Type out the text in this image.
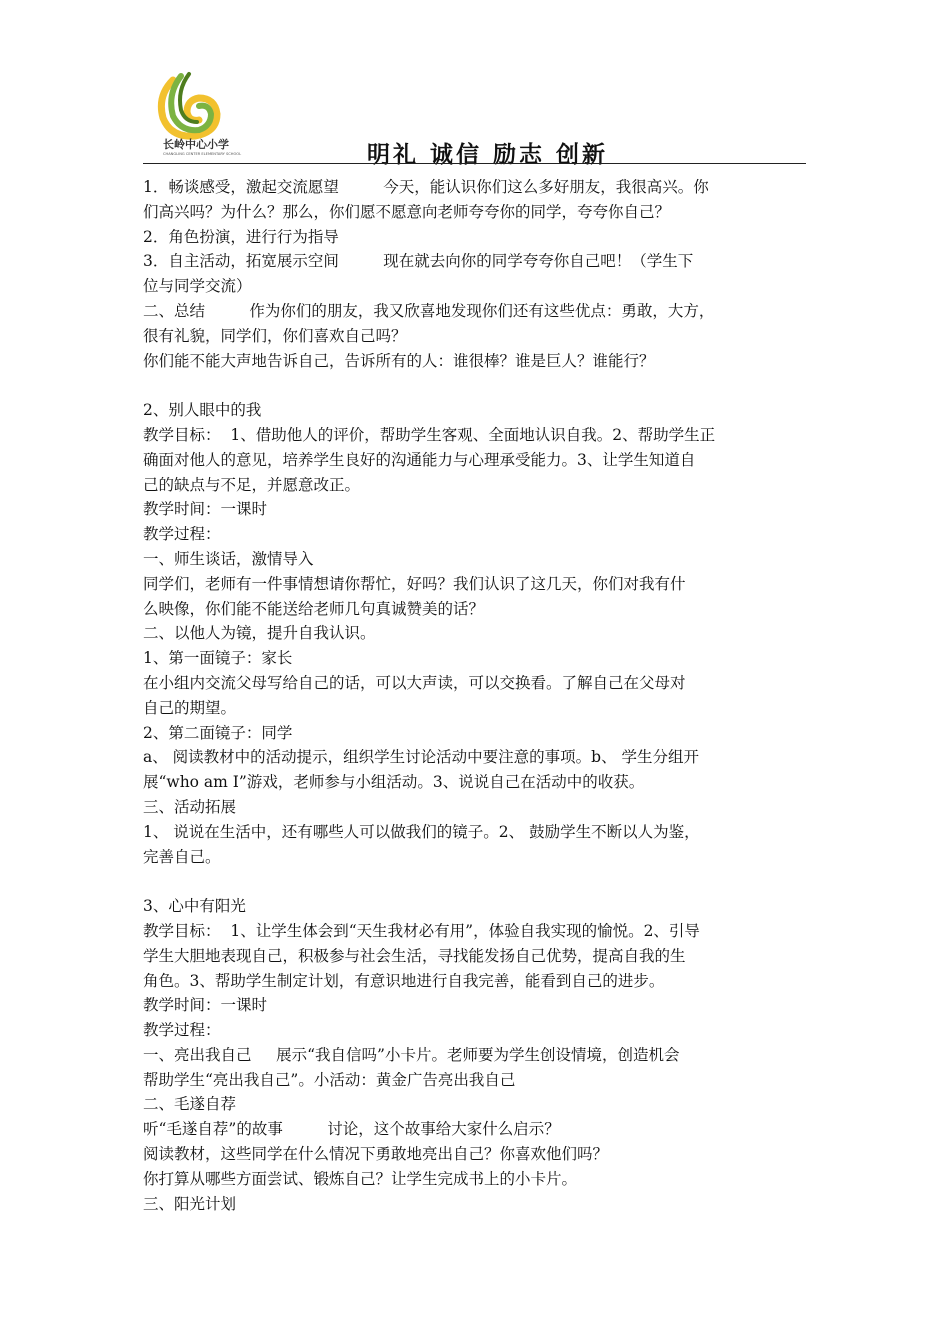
长岭中心小学
CHANGLING CENTER ELEMENTARY SCHOOL	明礼 诚信 励志 创新
1．畅谈感受，激起交流愿望         今天，能认识你们这么多好朋友，我很高兴。你
们高兴吗？为什么？那么，你们愿不愿意向老师夸夸你的同学，夸夸你自己？
2．角色扮演，进行行为指导
3．自主活动，拓宽展示空间         现在就去向你的同学夸夸你自己吧！（学生下
位与同学交流）
二、总结         作为你们的朋友，我又欣喜地发现你们还有这些优点：勇敢，大方，
很有礼貌，同学们，你们喜欢自己吗？
你们能不能大声地告诉自己，告诉所有的人：谁很棒？谁是巨人？谁能行？
2、别人眼中的我
教学目标：  1、借助他人的评价，帮助学生客观、全面地认识自我。2、帮助学生正
确面对他人的意见，培养学生良好的沟通能力与心理承受能力。3、让学生知道自
己的缺点与不足，并愿意改正。
教学时间：一课时
教学过程：
一、师生谈话，激情导入
同学们，老师有一件事情想请你帮忙，好吗？我们认识了这几天，你们对我有什
么映像，你们能不能送给老师几句真诚赞美的话？
二、以他人为镜，提升自我认识。
1、第一面镜子：家长
在小组内交流父母写给自己的话，可以大声读，可以交换看。了解自己在父母对
自己的期望。
2、第二面镜子：同学
a、 阅读教材中的活动提示，组织学生讨论活动中要注意的事项。b、 学生分组开
展“who am I”游戏，老师参与小组活动。3、说说自己在活动中的收获。
三、活动拓展
1、 说说在生活中，还有哪些人可以做我们的镜子。2、 鼓励学生不断以人为鉴，
完善自己。
3、心中有阳光
教学目标：  1、让学生体会到“天生我材必有用”，体验自我实现的愉悦。2、引导
学生大胆地表现自己，积极参与社会生活，寻找能发扬自己优势，提高自我的生
角色。3、帮助学生制定计划，有意识地进行自我完善，能看到自己的进步。
教学时间：一课时
教学过程：
一、亮出我自己     展示“我自信吗”小卡片。老师要为学生创设情境，创造机会
帮助学生“亮出我自己”。小活动：黄金广告亮出我自己
二、毛遂自荐
听“毛遂自荐”的故事         讨论，这个故事给大家什么启示？
阅读教材，这些同学在什么情况下勇敢地亮出自己？你喜欢他们吗？
你打算从哪些方面尝试、锻炼自己？让学生完成书上的小卡片。
三、阳光计划
